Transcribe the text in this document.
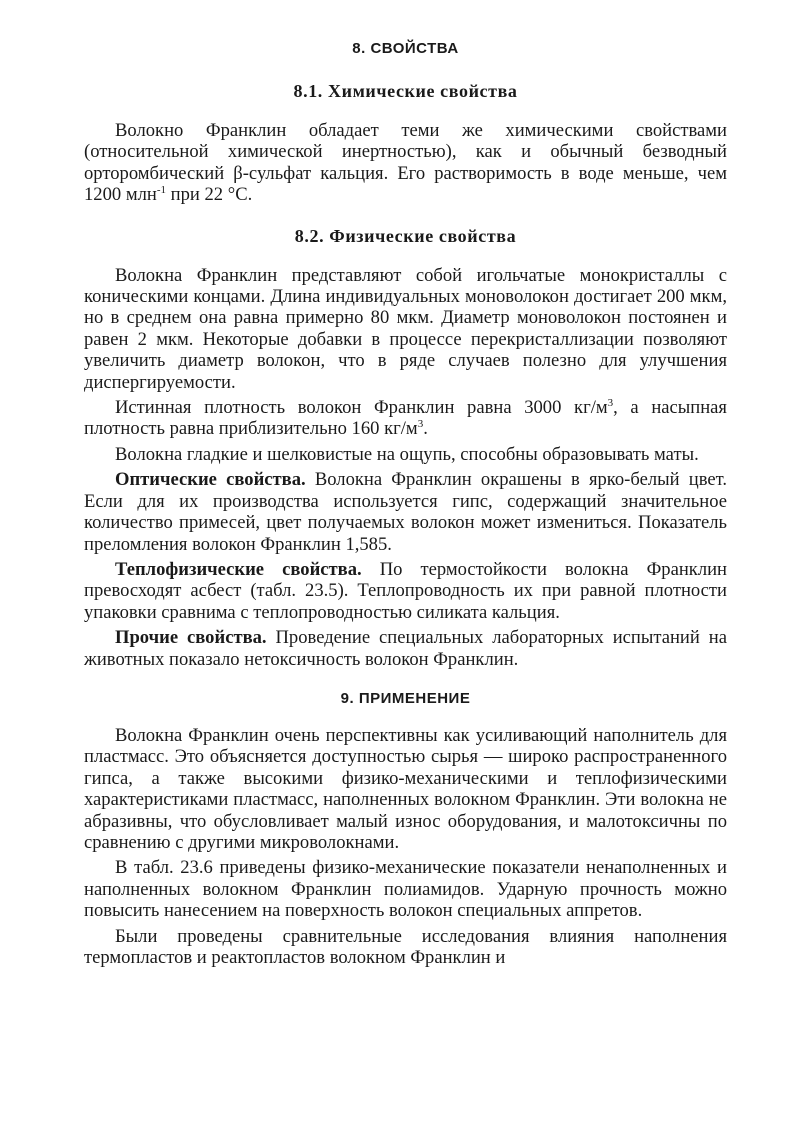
8. СВОЙСТВА
8.1. Химические свойства

Волокно Франклин обладает теми же химическими свойствами (относительной химической инертностью), как и обычный безводный орторомбический β-сульфат кальция. Его растворимость в воде меньше, чем 1200 млн$^{-1}$ при 22 °С.

8.2. Физические свойства

Волокна Франклин представляют собой игольчатые монокристаллы с коническими концами. Длина индивидуальных моноволокон достигает 200 мкм, но в среднем она равна примерно 80 мкм. Диаметр моноволокон постоянен и равен 2 мкм. Некоторые добавки в процессе перекристаллизации позволяют увеличить диаметр волокон, что в ряде случаев полезно для улучшения диспергируемости.

Истинная плотность волокон Франклин равна 3000 $кг/м^3$, а насыпная плотность равна приблизительно 160 $кг/м^3$.

Волокна гладкие и шелковистые на ощупь, способны образовывать маты.

Оптические свойства. Волокна Франклин окрашены в ярко-белый цвет. Если для их производства используется гипс, содержащий значительное количество примесей, цвет получаемых волокон может измениться. Показатель преломления волокон Франклин 1,585.

Теплофизические свойства. По термостойкости волокна Франклин превосходят асбест (табл. 23.5). Теплопроводность их при равной плотности упаковки сравнима с теплопроводностью силиката кальция.

Прочие свойства. Проведение специальных лабораторных испытаний на животных показало нетоксичность волокон Франклин.

9. ПРИМЕНЕНИЕ

Волокна Франклин очень перспективны как усиливающий наполнитель для пластмасс. Это объясняется доступностью сырья — широко распространенного гипса, а также высокими физико-механическими и теплофизическими характеристиками пластмасс, наполненных волокном Франклин. Эти волокна не абразивны, что обусловливает малый износ оборудования, и малотоксичны по сравнению с другими микроволокнами.

В табл. 23.6 приведены физико-механические показатели ненаполненных и наполненных волокном Франклин полиамидов. Ударную прочность можно повысить нанесением на поверхность волокон специальных аппретов.

Были проведены сравнительные исследования влияния наполнения термопластов и реактопластов волокном Франклин и
